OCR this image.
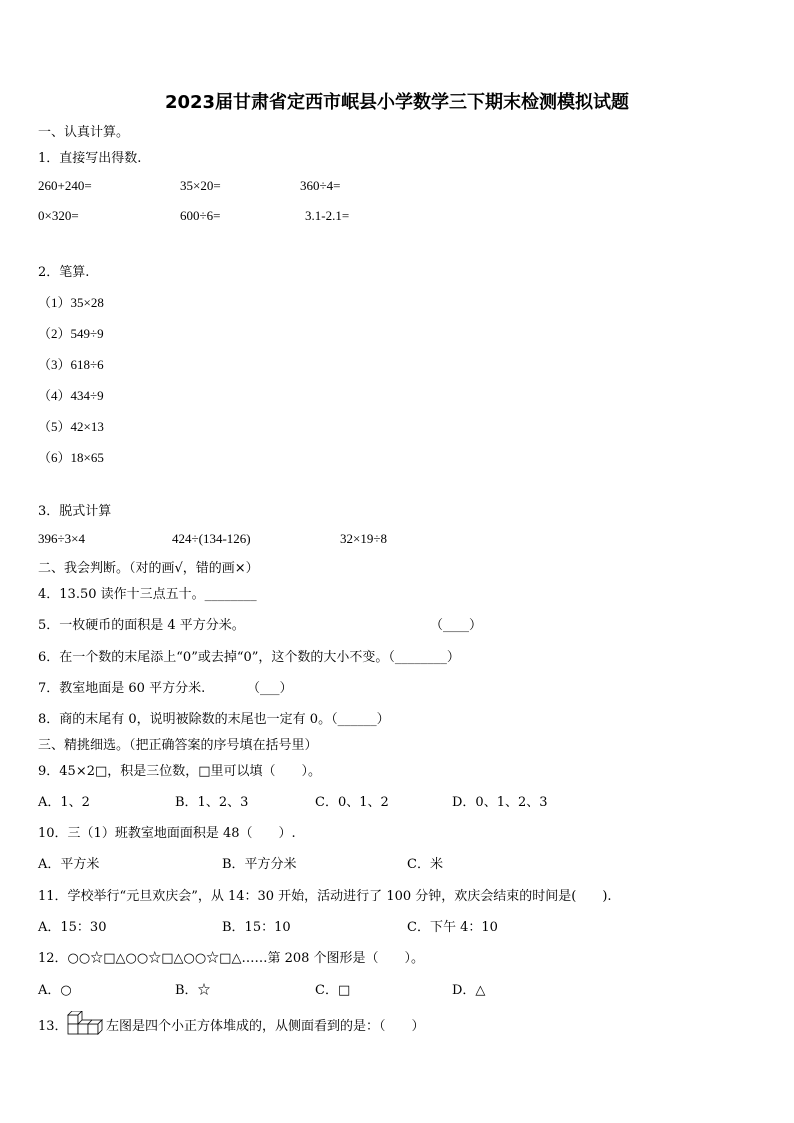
2023届甘肃省定西市岷县小学数学三下期末检测模拟试题
一、认真计算。
1．直接写出得数.
260+240=	35×20=	360÷4=
0×320=	600÷6=	3.1-2.1=
2．笔算.
（1）35×28
（2）549÷9
（3）618÷6
（4）434÷9
（5）42×13
（6）18×65
3．脱式计算
396÷3×4	424÷(134-126)	32×19÷8
二、我会判断。（对的画√，错的画×）
4．13.50 读作十三点五十。________
5．一枚硬币的面积是 4 平方分米。	（____）
6．在一个数的末尾添上“0”或去掉“0”，这个数的大小不变。（________）
7．教室地面是 60 平方分米.	（___）
8．商的末尾有 0，说明被除数的末尾也一定有 0。（______）
三、精挑细选。（把正确答案的序号填在括号里）
9．45×2□，积是三位数，□里可以填（　　）。
A．1、2	B．1、2、3	C．0、1、2	D．0、1、2、3
10．三（1）班教室地面面积是 48（　　）.
A．平方米	B．平方分米	C．米
11．学校举行“元旦欢庆会”，从 14：30 开始，活动进行了 100 分钟，欢庆会结束的时间是(　　).
A．15：30	B．15：10	C．下午 4：10
12．○○☆□△○○☆□△○○☆□△……第 208 个图形是（　　）。
A．○	B．☆	C．□	D．△
13．	左图是四个小正方体堆成的，从侧面看到的是：（　　）
